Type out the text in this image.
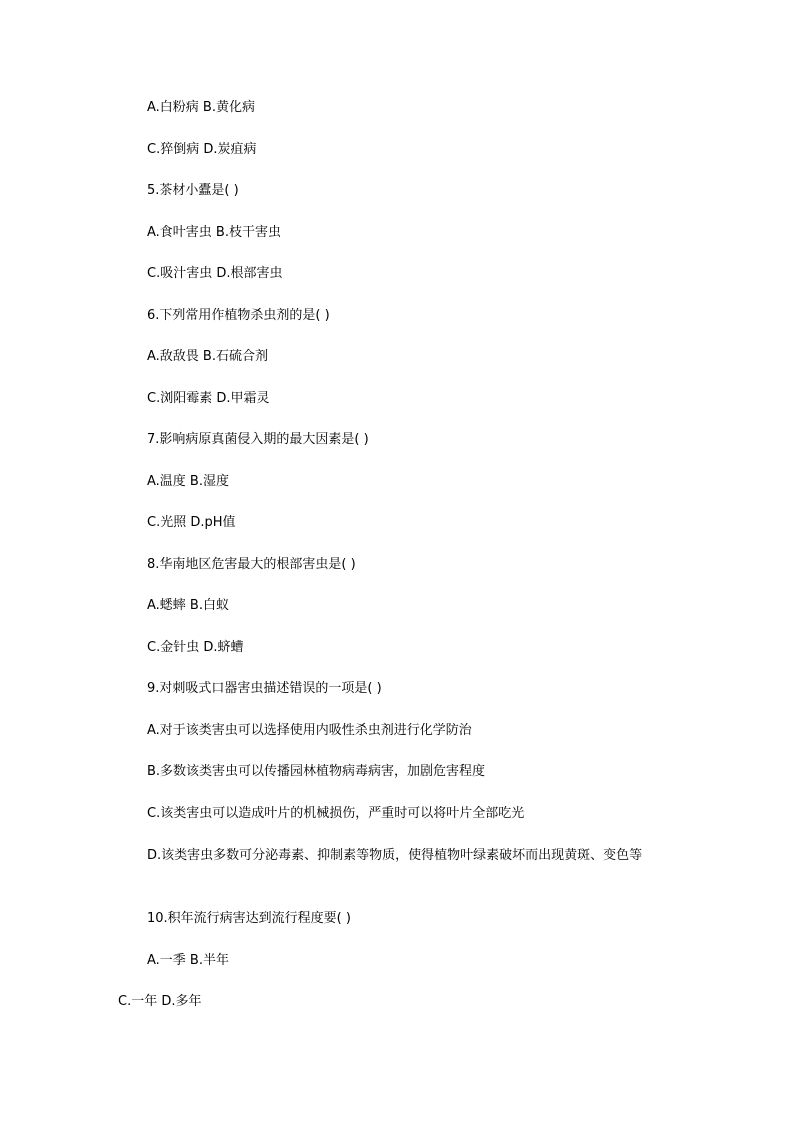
A.白粉病 B.黄化病
C.猝倒病 D.炭疽病
5.茶材小蠹是( )
A.食叶害虫 B.枝干害虫
C.吸汁害虫 D.根部害虫
6.下列常用作植物杀虫剂的是( )
A.敌敌畏 B.石硫合剂
C.浏阳霉素 D.甲霜灵
7.影响病原真菌侵入期的最大因素是( )
A.温度 B.湿度
C.光照 D.pH值
8.华南地区危害最大的根部害虫是( )
A.蟋蟀 B.白蚁
C.金针虫 D.蛴螬
9.对刺吸式口器害虫描述错误的一项是( )
A.对于该类害虫可以选择使用内吸性杀虫剂进行化学防治
B.多数该类害虫可以传播园林植物病毒病害，加剧危害程度
C.该类害虫可以造成叶片的机械损伤，严重时可以将叶片全部吃光
D.该类害虫多数可分泌毒素、抑制素等物质，使得植物叶绿素破坏而出现黄斑、变色等
10.积年流行病害达到流行程度要( )
A.一季 B.半年
C.一年 D.多年
